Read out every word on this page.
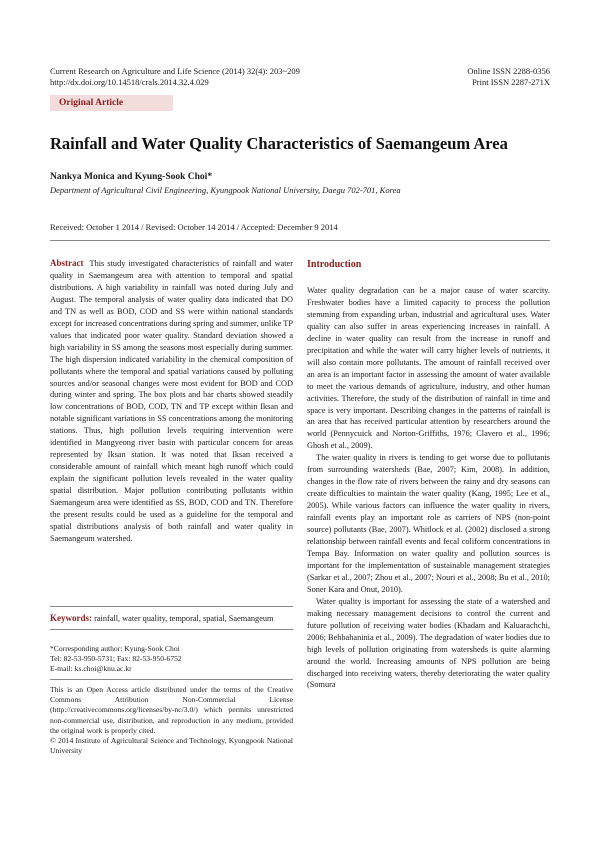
Current Research on Agriculture and Life Science (2014) 32(4): 203~209
http://dx.doi.org/10.14518/crals.2014.32.4.029
Online ISSN 2288-0356
Print ISSN 2287-271X
Original Article
Rainfall and Water Quality Characteristics of Saemangeum Area
Nankya Monica and Kyung-Sook Choi*
Department of Agricultural Civil Engineering, Kyungpook National University, Daegu 702-701, Korea
Received: October 1 2014 / Revised: October 14 2014 / Accepted: December 9 2014

Abstract This study investigated characteristics of rainfall and water quality in Saemangeum area with attention to temporal and spatial distributions. A high variability in rainfall was noted during July and August. The temporal analysis of water quality data indicated that DO and TN as well as BOD, COD and SS were within national standards except for increased concentrations during spring and summer, unlike TP values that indicated poor water quality. Standard deviation showed a high variability in SS among the seasons most especially during summer. The high dispersion indicated variability in the chemical composition of pollutants where the temporal and spatial variations caused by polluting sources and/or seasonal changes were most evident for BOD and COD during winter and spring. The box plots and bar charts showed steadily low concentrations of BOD, COD, TN and TP except within Iksan and notable significant variations in SS concentrations among the monitoring stations. Thus, high pollution levels requiring intervention were identified in Mangyeong river basin with particular concern for areas represented by Iksan station. It was noted that Iksan received a considerable amount of rainfall which meant high runoff which could explain the significant pollution levels revealed in the water quality spatial distribution. Major pollution contributing pollutants within Saemangeum area were identified as SS, BOD, COD and TN. Therefore the present results could be used as a guideline for the temporal and spatial distributions analysis of both rainfall and water quality in Saemangeum watershed.

Keywords: rainfall, water quality, temporal, spatial, Saemangeum

*Corresponding author: Kyung-Sook Choi
Tel: 82-53-950-5731; Fax: 82-53-950-6752
E-mail: ks.choi@knu.ac.kr

This is an Open Access article distributed under the terms of the Creative Commons Attribution Non-Commercial License (http://creativecommons.org/licenses/by-nc/3.0/) which permits unrestricted non-commercial use, distribution, and reproduction in any medium, provided the original work is properly cited.
© 2014 Institute of Agricultural Science and Technology, Kyungpook National University

Introduction

Water quality degradation can be a major cause of water scarcity. Freshwater bodies have a limited capacity to process the pollution stemming from expanding urban, industrial and agricultural uses. Water quality can also suffer in areas experiencing increases in rainfall. A decline in water quality can result from the increase in runoff and precipitation and while the water will carry higher levels of nutrients, it will also contain more pollutants. The amount of rainfall received over an area is an important factor in assessing the amount of water available to meet the various demands of agriculture, industry, and other human activities. Therefore, the study of the distribution of rainfall in time and space is very important. Describing changes in the patterns of rainfall is an area that has received particular attention by researchers around the world (Pennycuick and Norton-Griffiths, 1976; Clavero et al., 1996; Ghosh et al., 2009).

The water quality in rivers is tending to get worse due to pollutants from surrounding watersheds (Bae, 2007; Kim, 2008). In addition, changes in the flow rate of rivers between the rainy and dry seasons can create difficulties to maintain the water quality (Kang, 1995; Lee et al., 2005). While various factors can influence the water quality in rivers, rainfall events play an important role as carriers of NPS (non-point source) pollutants (Bae, 2007). Whitlock et al. (2002) disclosed a strong relationship between rainfall events and fecal coliform concentrations in Tempa Bay. Information on water quality and pollution sources is important for the implementation of sustainable management strategies (Sarkar et al., 2007; Zhou et al., 2007; Nouri et al., 2008; Bu et al., 2010; Soner Kara and Onut, 2010).

Water quality is important for assessing the state of a watershed and making necessary management decisions to control the current and future pollution of receiving water bodies (Khadam and Kaluarachchi, 2006; Behbahaninia et al., 2009). The degradation of water bodies due to high levels of pollution originating from watersheds is quite alarming around the world. Increasing amounts of NPS pollution are being discharged into receiving waters, thereby deteriorating the water quality (Somura
